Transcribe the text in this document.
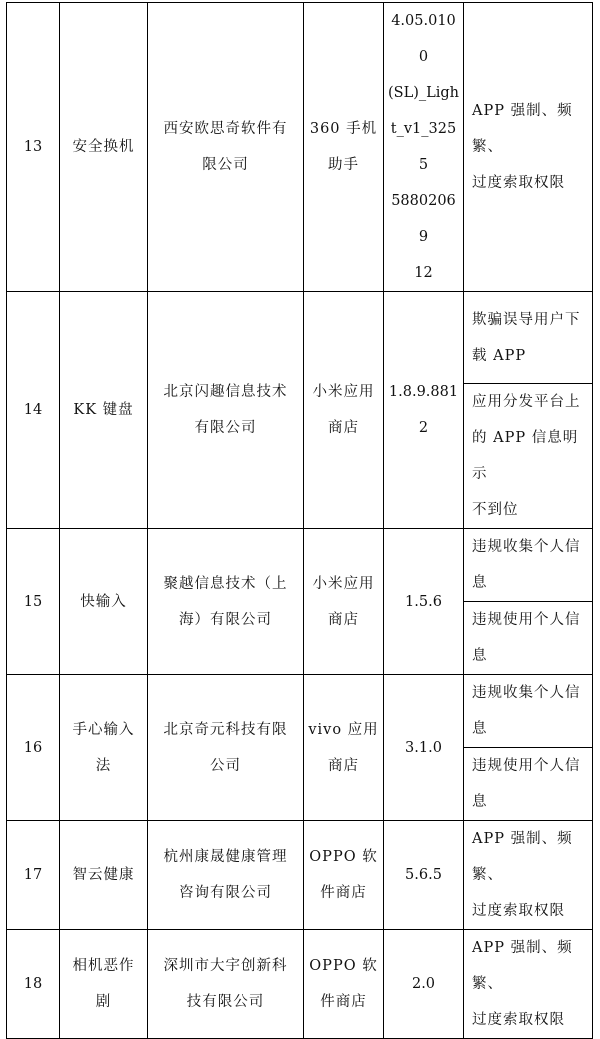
13	安全换机	西安欧思奇软件有
限公司	360 手机
助手	4.05.0100
(SL)_Ligh
t_v1_3255
58802069
12	APP 强制、频繁、
过度索取权限

14	KK 键盘	北京闪趣信息技术
有限公司	小米应用
商店	1.8.9.8812	欺骗误导用户下
载 APP

					应用分发平台上
的 APP 信息明示
不到位

15	快输入	聚越信息技术（上
海）有限公司	小米应用
商店	1.5.6	违规收集个人信
息

					违规使用个人信
息

16	手心输入
法	北京奇元科技有限
公司	vivo 应用
商店	3.1.0	违规收集个人信
息

					违规使用个人信
息

17	智云健康	杭州康晟健康管理
咨询有限公司	OPPO 软
件商店	5.6.5	APP 强制、频繁、
过度索取权限

18	相机恶作
剧	深圳市大宇创新科
技有限公司	OPPO 软
件商店	2.0	APP 强制、频繁、
过度索取权限
